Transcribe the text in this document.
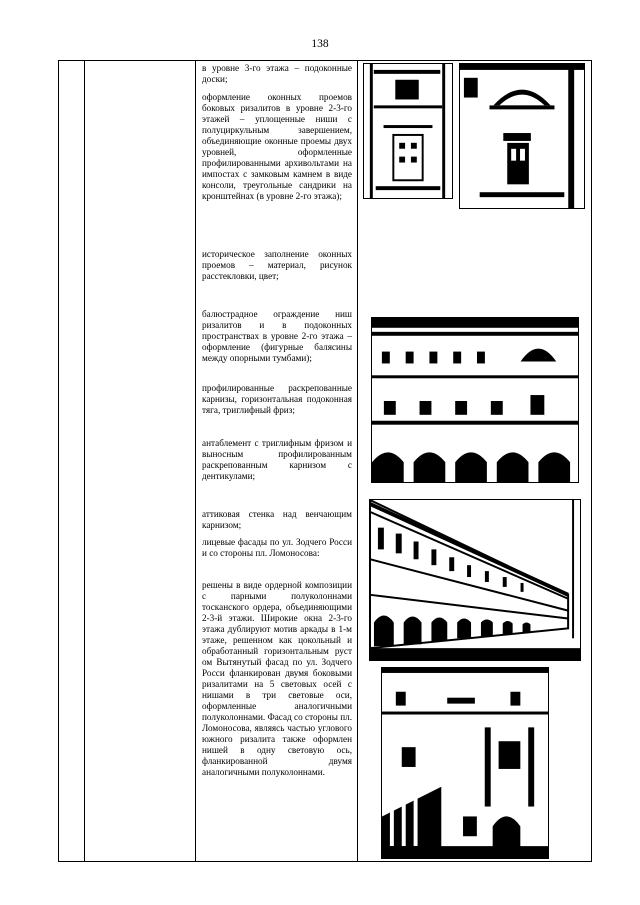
138

в уровне 3-го этажа – подоконные доски;

оформление оконных проемов боковых ризалитов в уровне 2-3-го этажей – уплощенные ниши с полуциркульным завершением, объединяющие оконные проемы двух уровней, оформленные профилированными архивольтами на импостах с замковым камнем в виде консоли, треугольные сандрики на кронштейнах (в уровне 2-го этажа);

историческое заполнение оконных проемов – материал, рисунок расстекловки, цвет;

балюстрадное ограждение ниш ризалитов и в подоконных пространствах в уровне 2-го этажа – оформление (фигурные балясины между опорными тумбами);

профилированные раскрепованные карнизы, горизонтальная подоконная тяга, триглифный фриз;

антаблемент с триглифным фризом и выносным профилированным раскрепованным карнизом с дентикулами;

аттиковая стенка над венчающим карнизом;

лицевые фасады по ул. Зодчего Росси и со стороны пл. Ломоносова:

решены в виде ордерной композиции с парными полуколоннами тосканского ордера, объединяющими 2-3-й этажи. Широкие окна 2-3-го этажа дублируют мотив аркады в 1-м этаже, решенном как цокольный и обработанный горизонтальным руст​ом Вытянутый фасад по ул. Зодчего Росси фланкирован двумя боковыми ризалитами на 5 световых осей с нишами в три световые оси, оформленные аналогичными полуколоннами. Фасад со стороны пл. Ломоносова, являясь частью углового южного ризалита также оформлен нишей в одну световую ось, фланкированной двумя аналогичными полуколоннами.
